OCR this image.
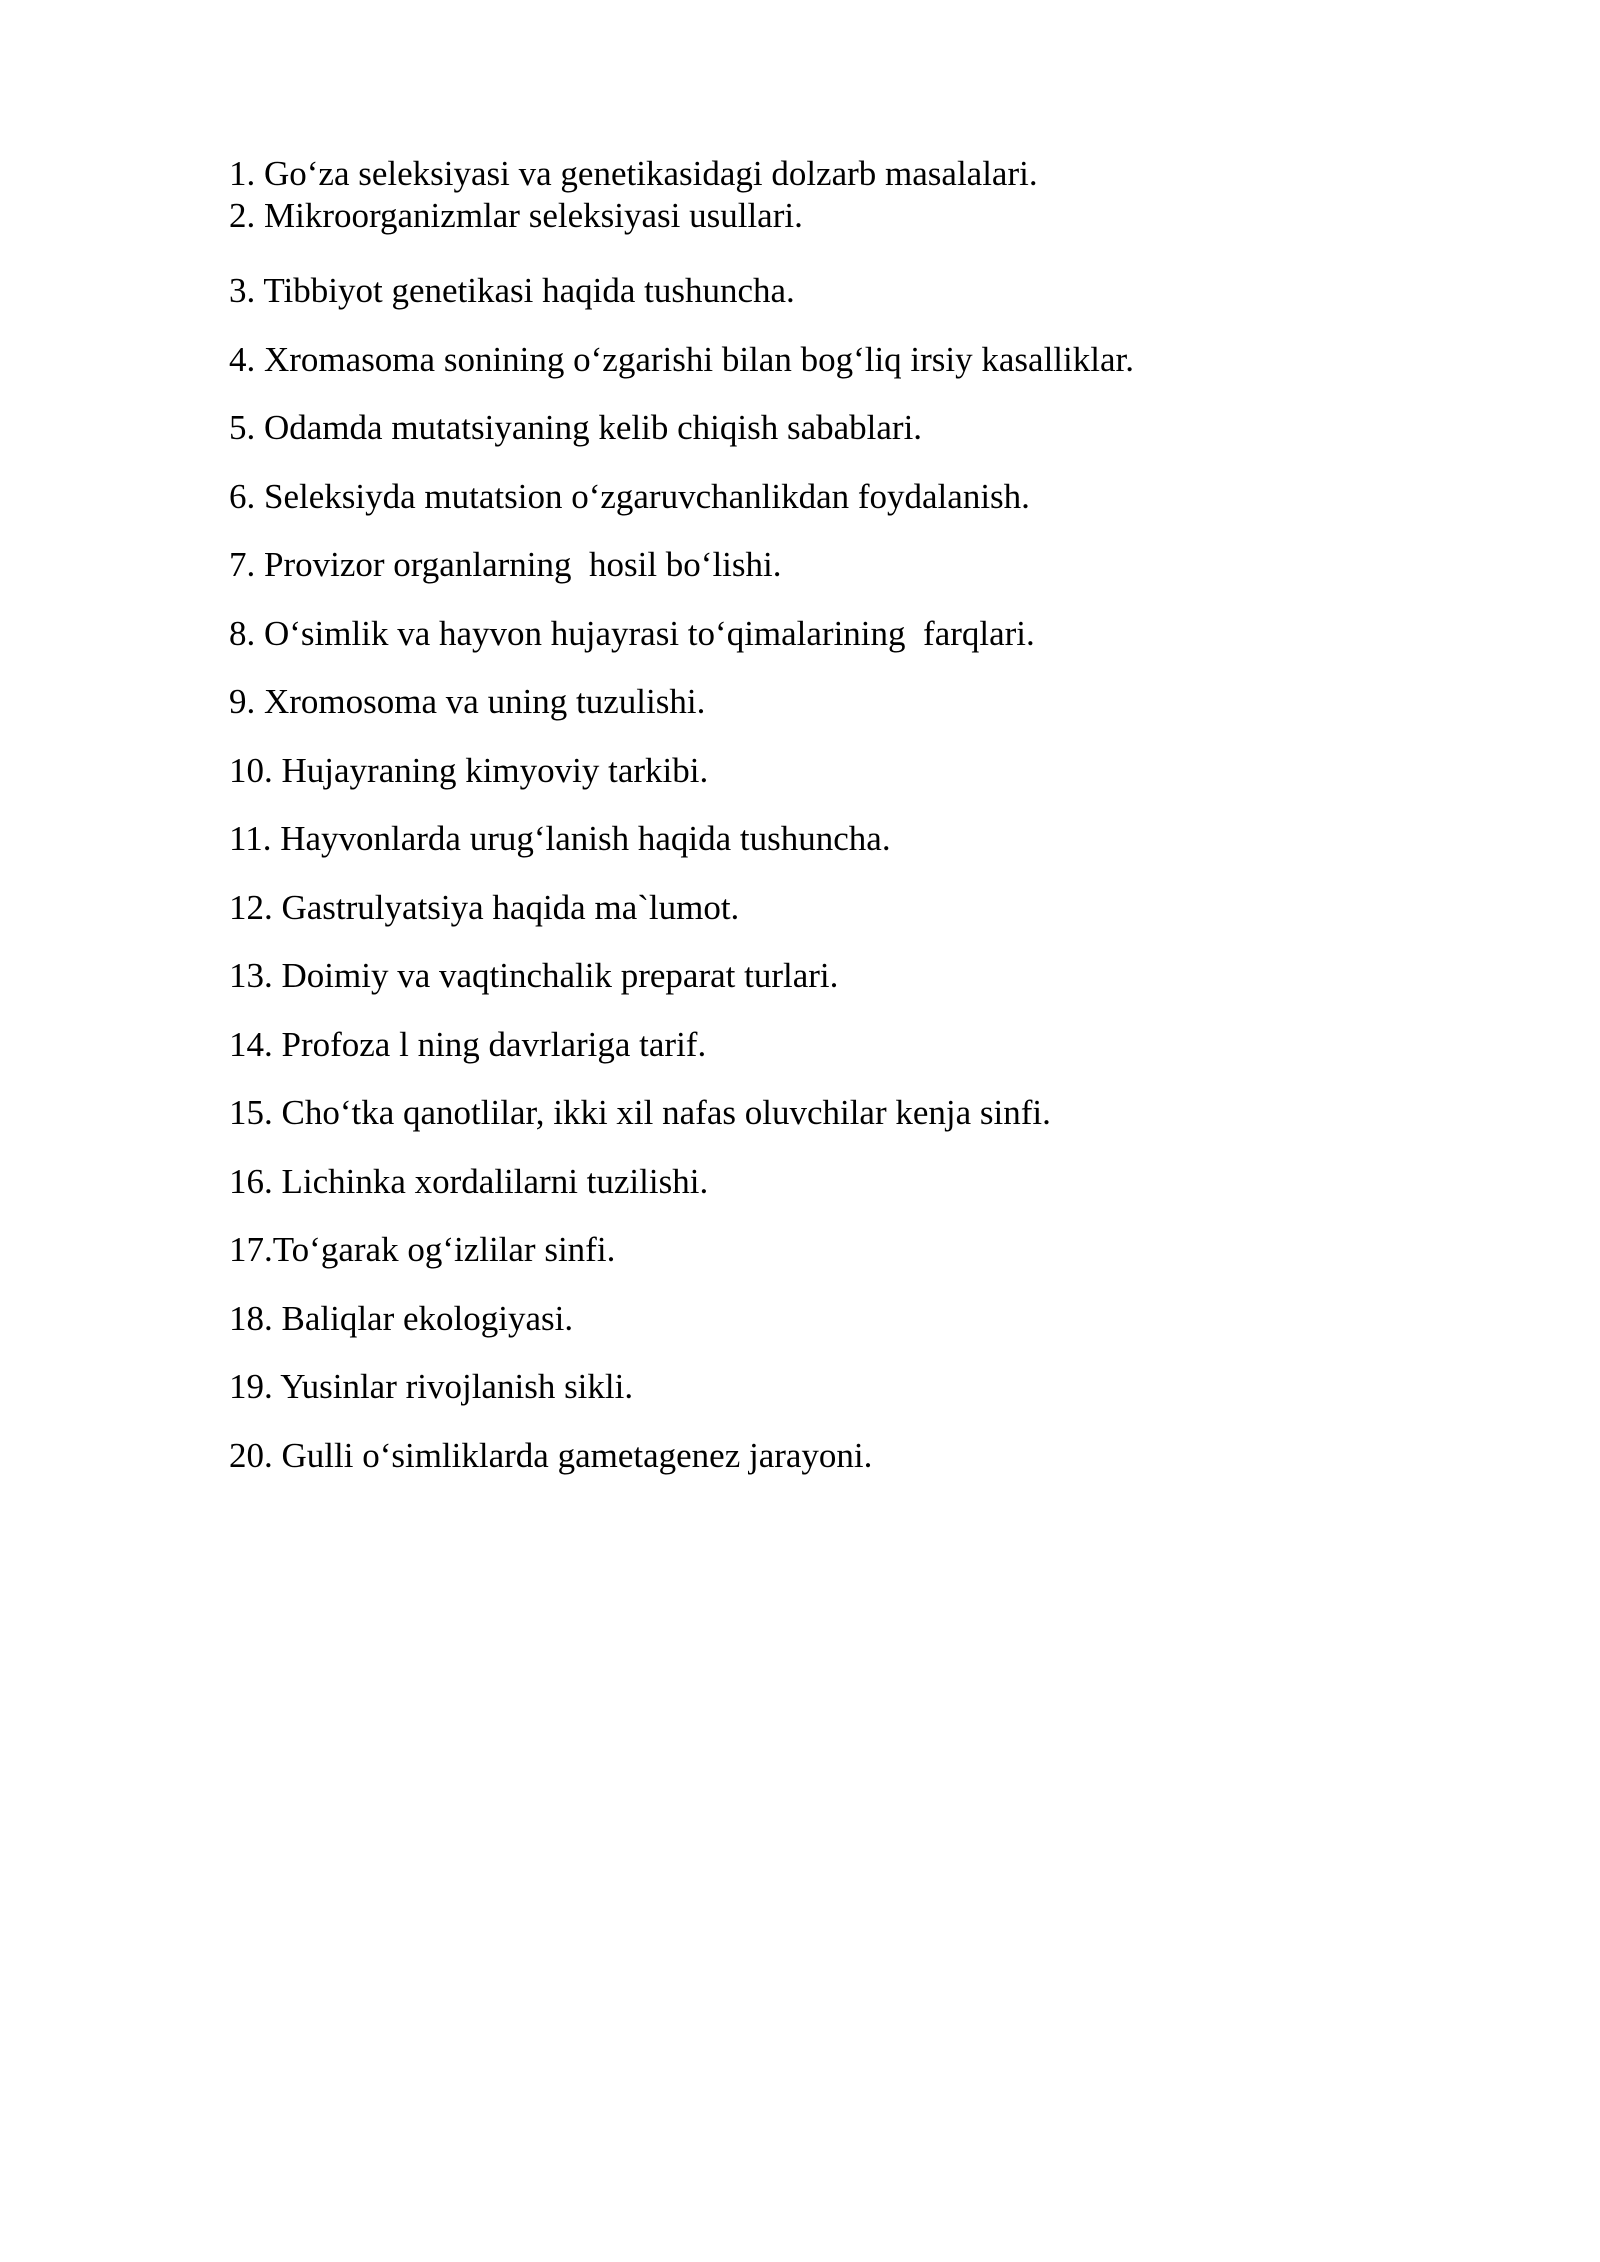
1. Go‘za seleksiyasi va genetikasidagi dolzarb masalalari.
2. Mikroorganizmlar seleksiyasi usullari.
3. Tibbiyot genetikasi haqida tushuncha.
4. Xromasoma sonining o‘zgarishi bilan bog‘liq irsiy kasalliklar.
5. Odamda mutatsiyaning kelib chiqish sabablari.
6. Seleksiyda mutatsion o‘zgaruvchanlikdan foydalanish.
7. Provizor organlarning  hosil bo‘lishi.
8. O‘simlik va hayvon hujayrasi to‘qimalarining  farqlari.
9. Xromosoma va uning tuzulishi.
10. Hujayraning kimyoviy tarkibi.
11. Hayvonlarda urug‘lanish haqida tushuncha.
12. Gastrulyatsiya haqida ma`lumot.
13. Doimiy va vaqtinchalik preparat turlari.
14. Profoza l ning davrlariga tarif.
15. Cho‘tka qanotlilar, ikki xil nafas oluvchilar kenja sinfi.
16. Lichinka xordalilarni tuzilishi.
17.To‘garak og‘izlilar sinfi.
18. Baliqlar ekologiyasi.
19. Yusinlar rivojlanish sikli.
20. Gulli o‘simliklarda gametagenez jarayoni.
